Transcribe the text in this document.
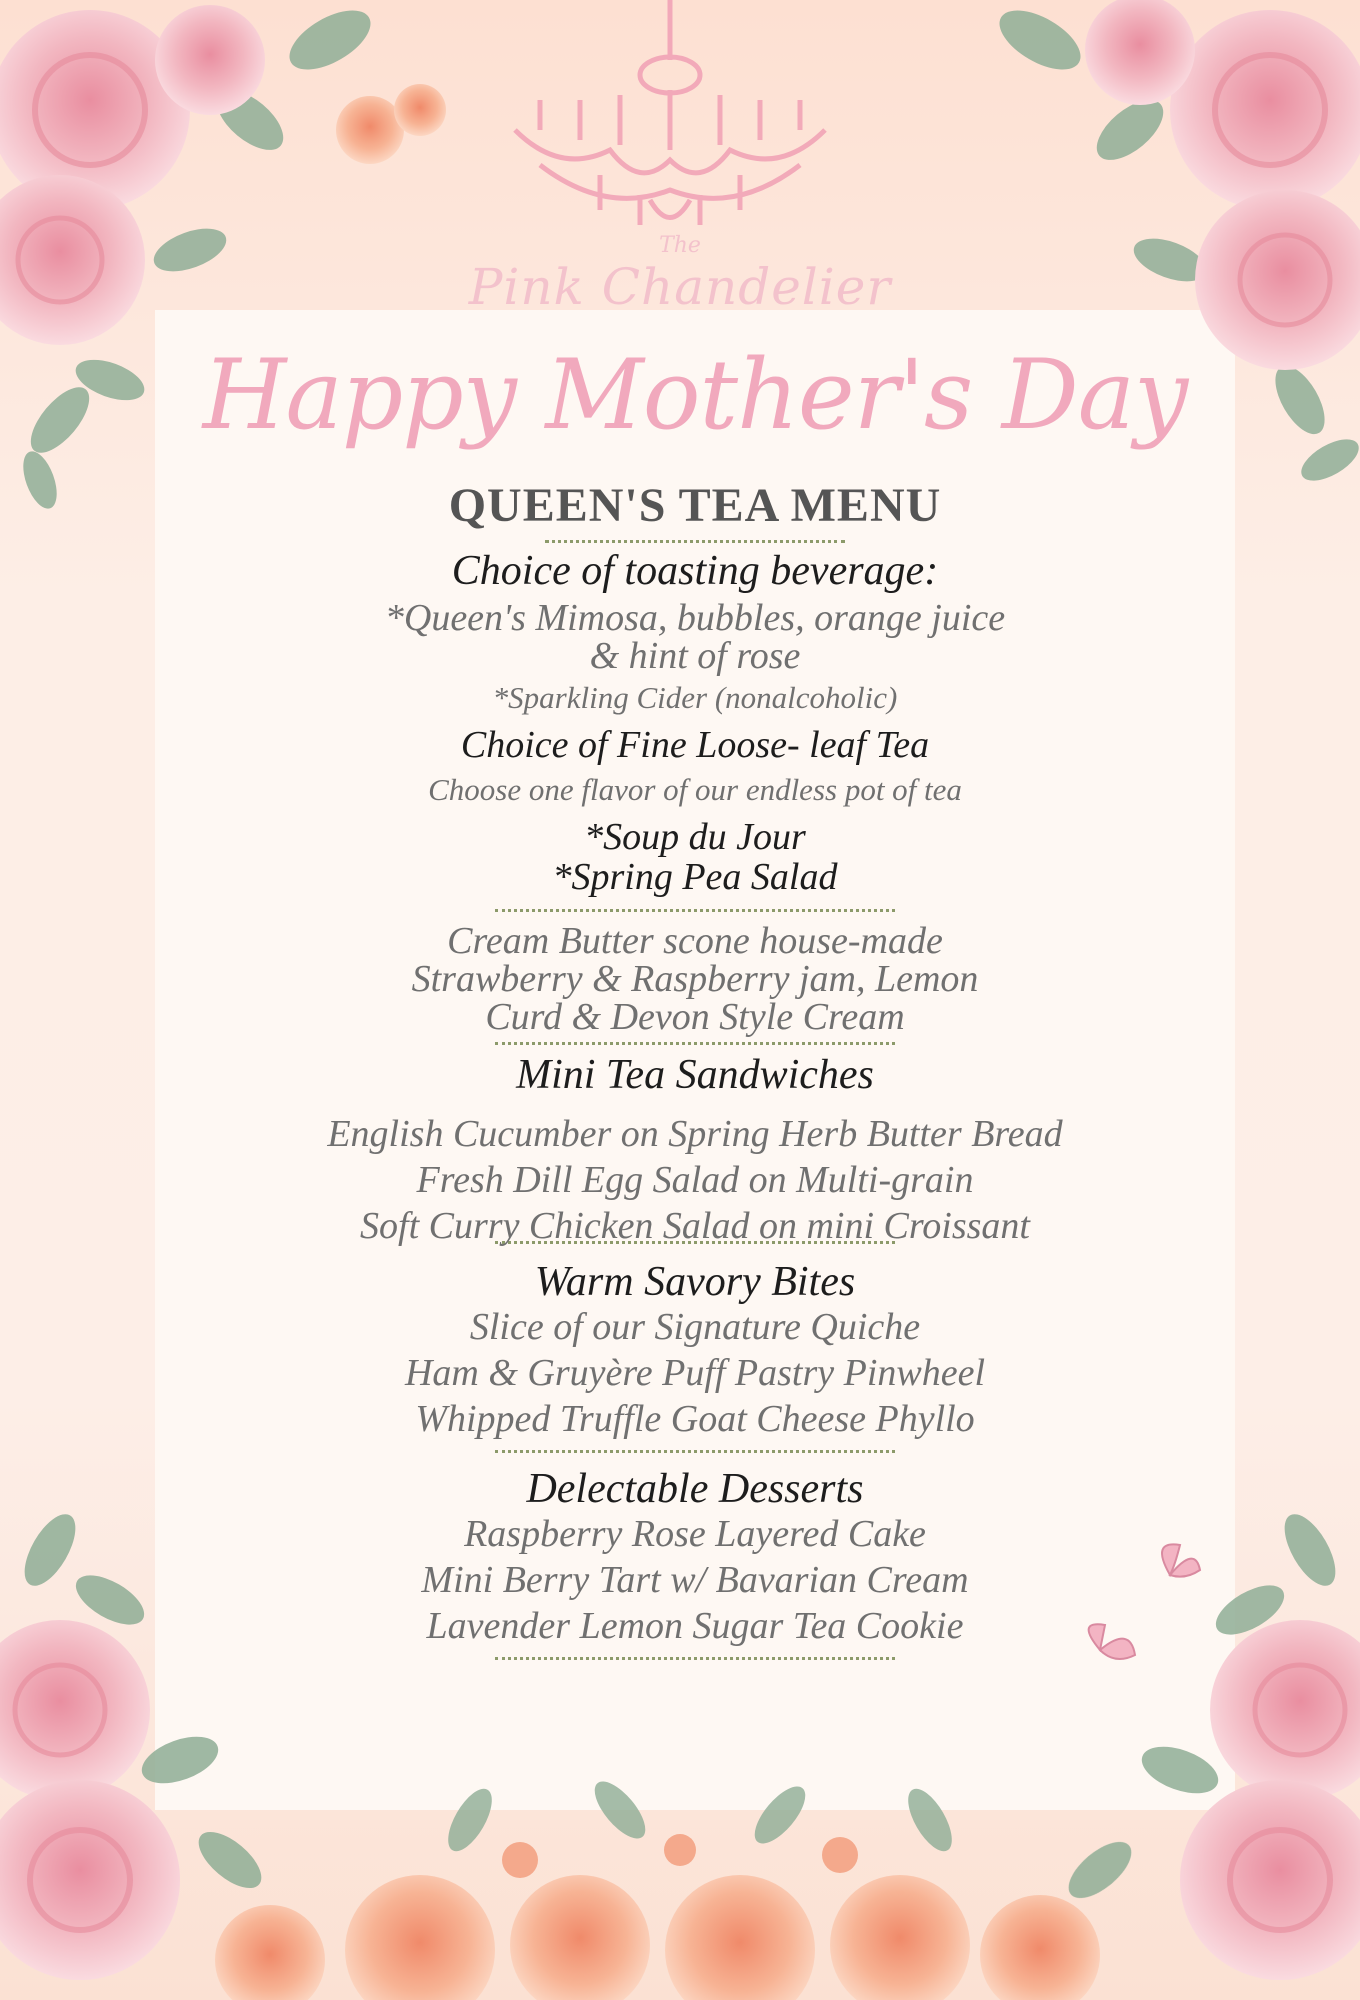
The
Pink Chandelier
Happy Mother's Day
QUEEN'S TEA MENU
Choice of toasting beverage:
*Queen's Mimosa, bubbles, orange juice
& hint of rose
*Sparkling Cider (nonalcoholic)
Choice of Fine Loose- leaf Tea
Choose one flavor of our endless pot of tea
*Soup du Jour
*Spring Pea Salad
Cream Butter scone house-made
Strawberry & Raspberry jam, Lemon
Curd & Devon Style Cream
Mini Tea Sandwiches
English Cucumber on Spring Herb Butter Bread
Fresh Dill Egg Salad on Multi-grain
Soft Curry Chicken Salad on mini Croissant
Warm Savory Bites
Slice of our Signature Quiche
Ham & Gruyère Puff Pastry Pinwheel
Whipped Truffle Goat Cheese Phyllo
Delectable Desserts
Raspberry Rose Layered Cake
Mini Berry Tart w/ Bavarian Cream
Lavender Lemon Sugar Tea Cookie
